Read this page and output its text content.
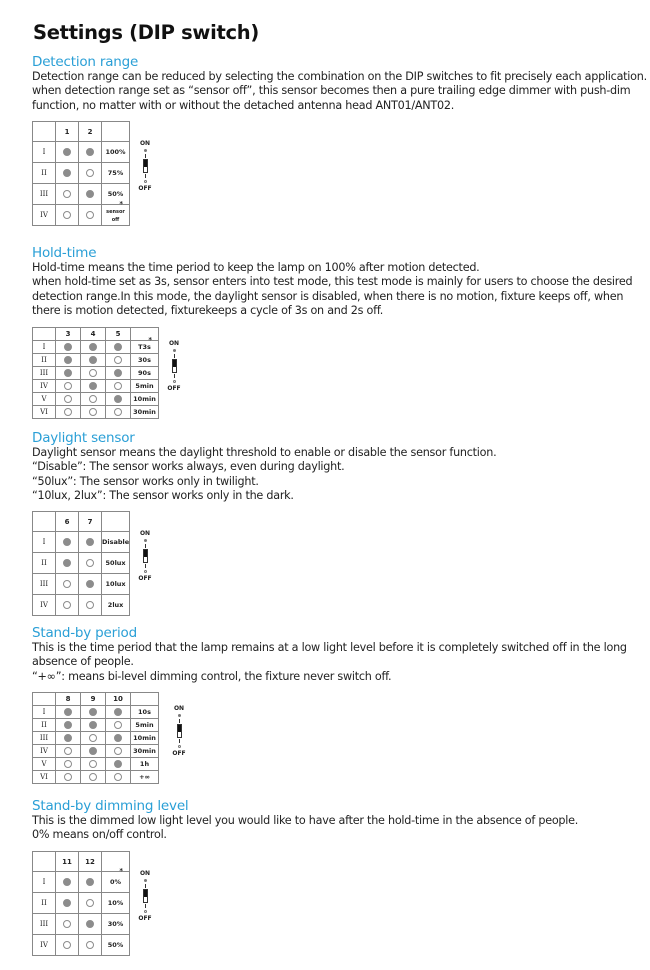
Settings (DIP switch)
Detection range
Detection range can be reduced by selecting the combination on the DIP switches to fit precisely each application.
when detection range set as “sensor off”, this sensor becomes then a pure trailing edge dimmer with push-dim
function, no matter with or without the detached antenna head ANT01/ANT02.
	1	2	
I			100%
II			75%
III			50%
IV			sensor off
*
ON
OFF
Hold-time
Hold-time means the time period to keep the lamp on 100% after motion detected.
when hold-time set as 3s, sensor enters into test mode, this test mode is mainly for users to choose the desired
detection range.In this mode, the daylight sensor is disabled, when there is no motion, fixture keeps off, when
there is motion detected, fixturekeeps a cycle of 3s on and 2s off.
	3	4	5	
I				T3s
*

II				30s
III				90s
IV				5min
V				10min
VI				30min
ON
OFF
Daylight sensor
Daylight sensor means the daylight threshold to enable or disable the sensor function.
“Disable”: The sensor works always, even during daylight.
“50lux”: The sensor works only in twilight.
“10lux, 2lux”: The sensor works only in the dark.
	6	7	
I			Disable
II			50lux
III			10lux
IV			2lux
ON
OFF
Stand-by period
This is the time period that the lamp remains at a low light level before it is completely switched off in the long
absence of people.
“+∞”: means bi-level dimming control, the fixture never switch off.
	8	9	10	
I				10s
II				5min
III				10min
IV				30min
V				1h
VI				+∞
ON
OFF
Stand-by dimming level
This is the dimmed low light level you would like to have after the hold-time in the absence of people.
0% means on/off control.
	11	12	
I			0%
*

II			10%
III			30%
IV			50%
ON
OFF
